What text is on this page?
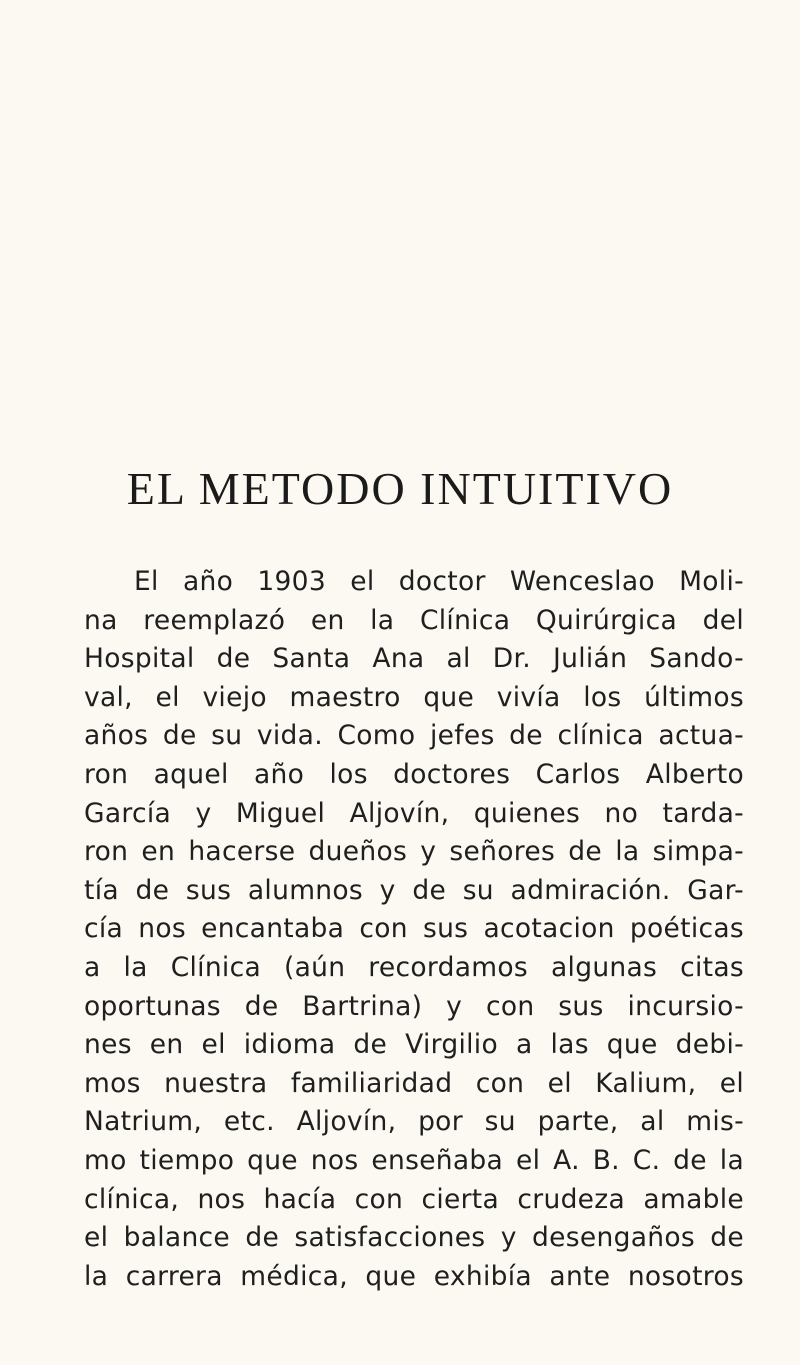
EL METODO INTUITIVO
El año 1903 el doctor Wenceslao Moli-
na reemplazó en la Clínica Quirúrgica del
Hospital de Santa Ana al Dr. Julián Sando-
val, el viejo maestro que vivía los últimos
años de su vida. Como jefes de clínica actua-
ron aquel año los doctores Carlos Alberto
García y Miguel Aljovín, quienes no tarda-
ron en hacerse dueños y señores de la simpa-
tía de sus alumnos y de su admiración. Gar-
cía nos encantaba con sus acotacion poéticas
a la Clínica (aún recordamos algunas citas
oportunas de Bartrina) y con sus incursio-
nes en el idioma de Virgilio a las que debi-
mos nuestra familiaridad con el Kalium, el
Natrium, etc. Aljovín, por su parte, al mis-
mo tiempo que nos enseñaba el A. B. C. de la
clínica, nos hacía con cierta crudeza amable
el balance de satisfacciones y desengaños de
la carrera médica, que exhibía ante nosotros
